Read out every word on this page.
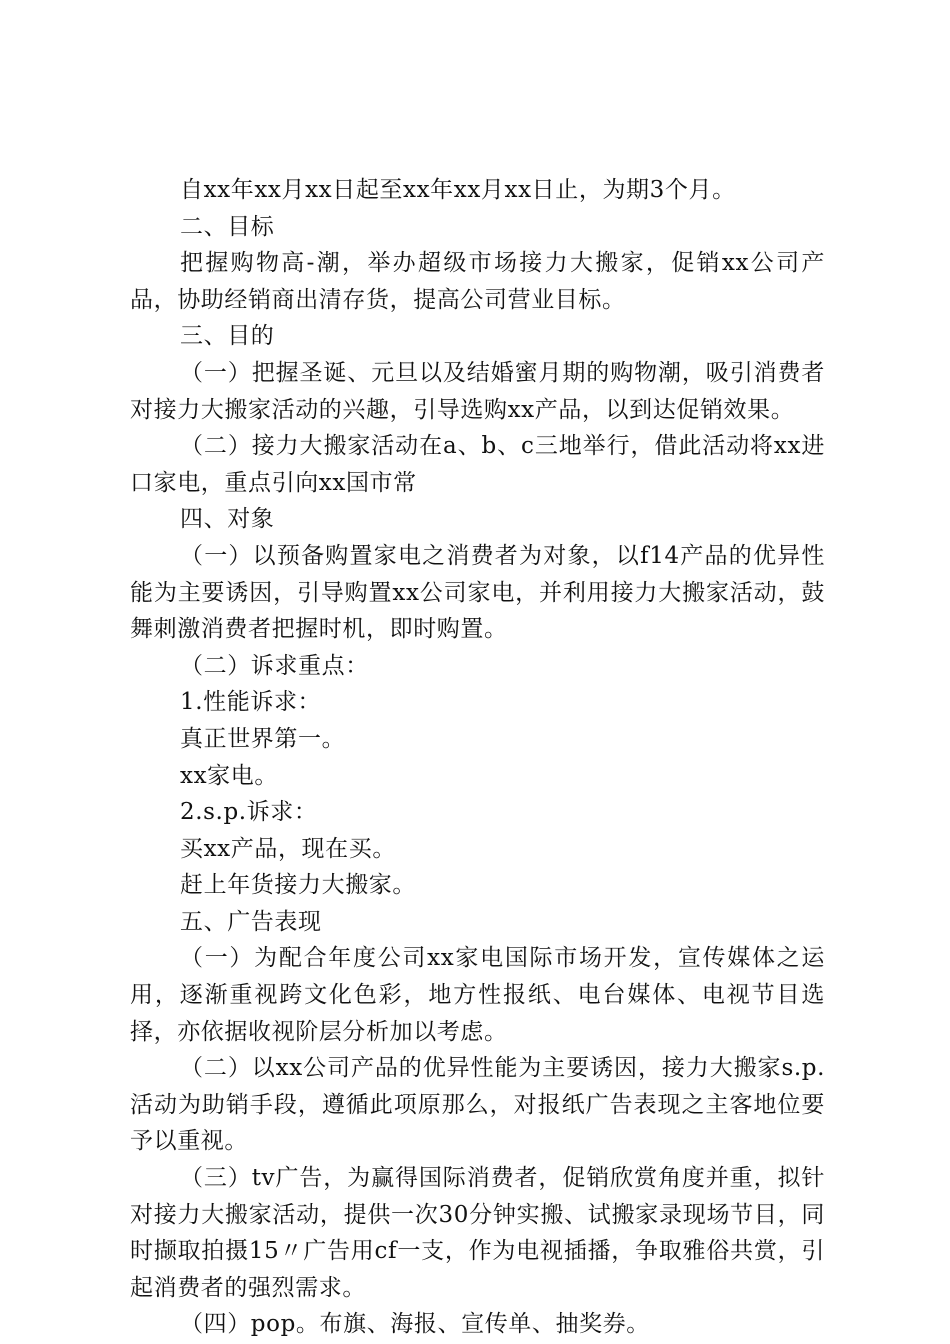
自xx年xx月xx日起至xx年xx月xx日止，为期3个月。

二、目标

把握购物高-潮，举办超级市场接力大搬家，促销xx公司产品，协助经销商出清存货，提高公司营业目标。

三、目的

（一）把握圣诞、元旦以及结婚蜜月期的购物潮，吸引消费者对接力大搬家活动的兴趣，引导选购xx产品，以到达促销效果。

（二）接力大搬家活动在a、b、c三地举行，借此活动将xx进口家电，重点引向xx国市常

四、对象

（一）以预备购置家电之消费者为对象，以f14产品的优异性能为主要诱因，引导购置xx公司家电，并利用接力大搬家活动，鼓舞刺激消费者把握时机，即时购置。

（二）诉求重点：

1.性能诉求：

真正世界第一。

xx家电。

2.s.p.诉求：

买xx产品，现在买。

赶上年货接力大搬家。

五、广告表现

（一）为配合年度公司xx家电国际市场开发，宣传媒体之运用，逐渐重视跨文化色彩，地方性报纸、电台媒体、电视节目选择，亦依据收视阶层分析加以考虑。

（二）以xx公司产品的优异性能为主要诱因，接力大搬家s.p.活动为助销手段，遵循此项原那么，对报纸广告表现之主客地位要予以重视。

（三）tv广告，为赢得国际消费者，促销欣赏角度并重，拟针对接力大搬家活动，提供一次30分钟实搬、试搬家录现场节目，同时撷取拍摄15〃广告用cf一支，作为电视插播，争取雅俗共赏，引起消费者的强烈需求。

（四）pop。布旗、海报、宣传单、抽奖券。
